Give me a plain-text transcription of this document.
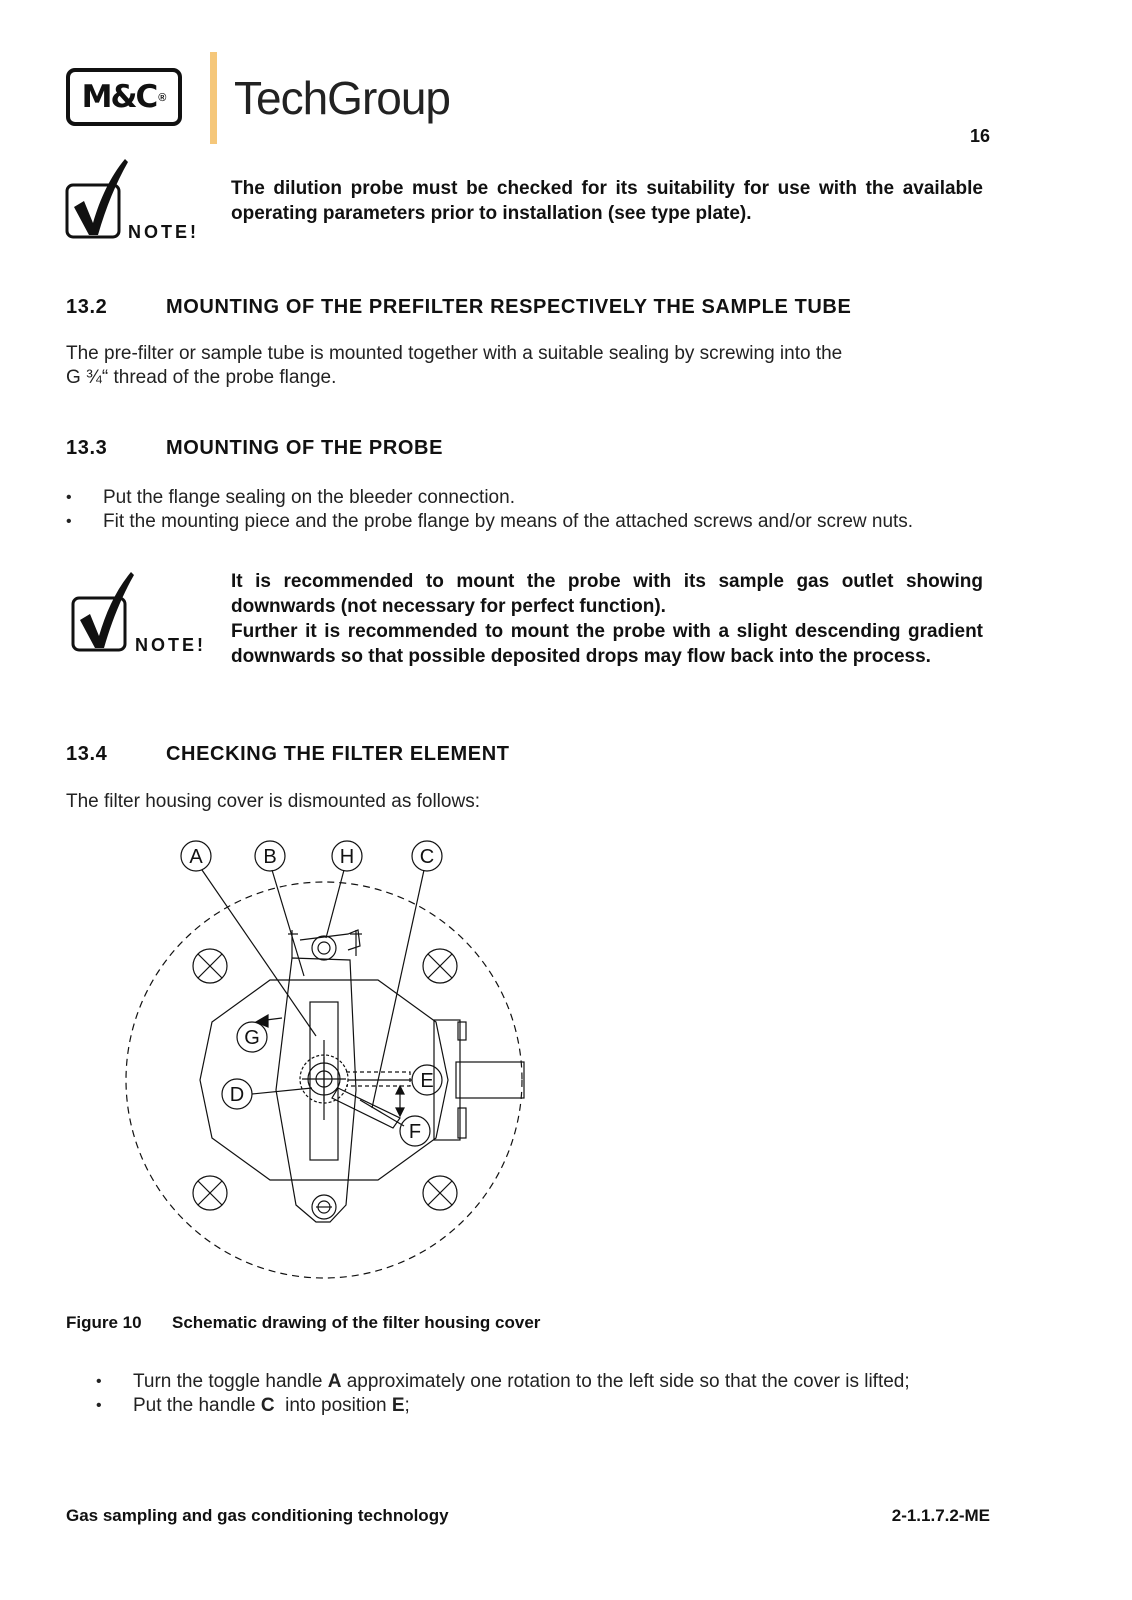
M&C ® TechGroup
16
NOTE!
The dilution probe must be checked for its suitability for use with the available operating parameters prior to installation (see type plate).
13.2	MOUNTING OF THE PREFILTER RESPECTIVELY THE SAMPLE TUBE
The pre-filter or sample tube is mounted together with a suitable sealing by screwing into the
G ¾“ thread of the probe flange.
13.3	MOUNTING OF THE PROBE
• Put the flange sealing on the bleeder connection.
• Fit the mounting piece and the probe flange by means of the attached screws and/or screw nuts.
NOTE!
It is recommended to mount the probe with its sample gas outlet showing downwards (not necessary for perfect function).
Further it is recommended to mount the probe with a slight descending gradient downwards so that possible deposited drops may flow back into the process.
13.4	CHECKING THE FILTER ELEMENT
The filter housing cover is dismounted as follows:
A	B	H	C
G
D
E
F
Figure 10 Schematic drawing of the filter housing cover
• Turn the toggle handle A approximately one rotation to the left side so that the cover is lifted;
• Put the handle C  into position E;
Gas sampling and gas conditioning technology	2-1.1.7.2-ME
